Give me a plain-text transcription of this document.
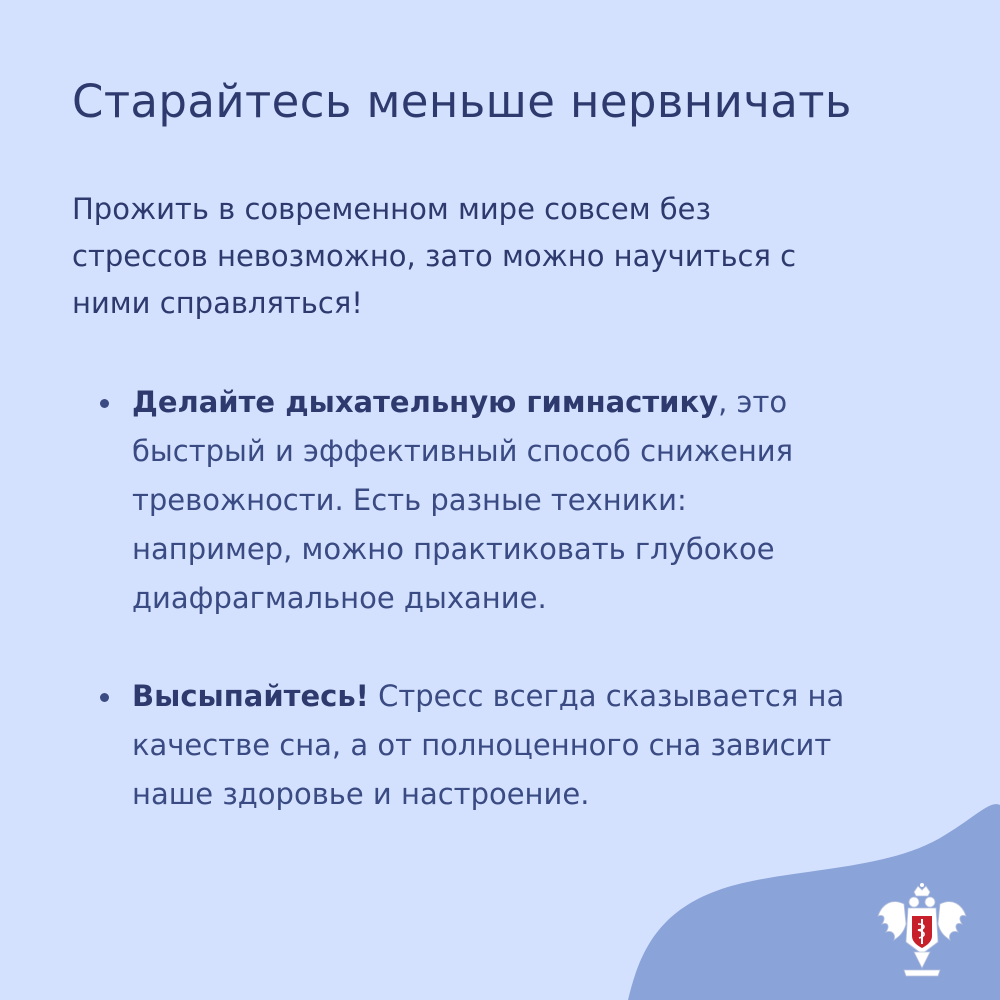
Старайтесь меньше нервничать

Прожить в современном мире совсем без
стрессов невозможно, зато можно научиться с
ними справляться!

Делайте дыхательную гимнастику, это
быстрый и эффективный способ снижения
тревожности. Есть разные техники:
например, можно практиковать глубокое
диафрагмальное дыхание.
Высыпайтесь! Стресс всегда сказывается на
качестве сна, а от полноценного сна зависит
наше здоровье и настроение.
